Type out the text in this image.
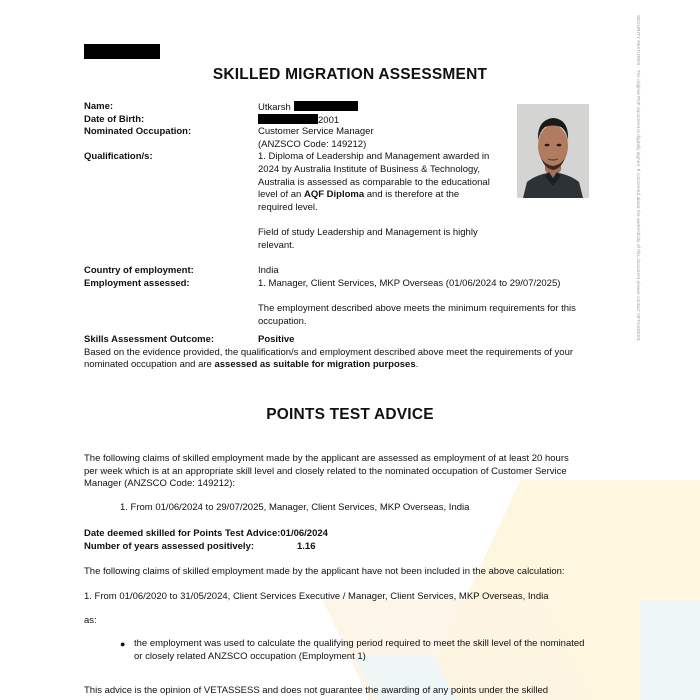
SKILLED MIGRATION ASSESSMENT
Name:	Utkarsh
Date of Birth:	2001
Nominated Occupation:	Customer Service Manager
(ANZSCO Code: 149212)
Qualification/s:	1. Diploma of Leadership and Management awarded in
2024 by Australia Institute of Business & Technology,
Australia is assessed as comparable to the educational
level of an AQF Diploma and is therefore at the
required level.
Field of study Leadership and Management is highly
relevant.
Country of employment:	India
Employment assessed:	1. Manager, Client Services, MKP Overseas (01/06/2024 to 29/07/2025)
The employment described above meets the minimum requirements for this
occupation.
Skills Assessment Outcome:	Positive
Based on the evidence provided, the qualification/s and employment described above meet the requirements of your
nominated occupation and are assessed as suitable for migration purposes.
POINTS TEST ADVICE
The following claims of skilled employment made by the applicant are assessed as employment of at least 20 hours
per week which is at an appropriate skill level and closely related to the nominated occupation of Customer Service
Manager (ANZSCO Code: 149212):
1. From 01/06/2024 to 29/07/2025, Manager, Client Services, MKP Overseas, India
Date deemed skilled for Points Test Advice:01/06/2024
Number of years assessed positively:	1.16
The following claims of skilled employment made by the applicant have not been included in the above calculation:
1. From 01/06/2020 to 31/05/2024, Client Services Executive / Manager, Client Services, MKP Overseas, India
as:
● the employment was used to calculate the qualifying period required to meet the skill level of the nominated
or closely related ANZSCO occupation (Employment 1)
This advice is the opinion of VETASSESS and does not guarantee the awarding of any points under the skilled
SECURITY FEATURES - The original PDF document is digitally signed. If concerned about the authenticity of this document please contact VETASSESS.
